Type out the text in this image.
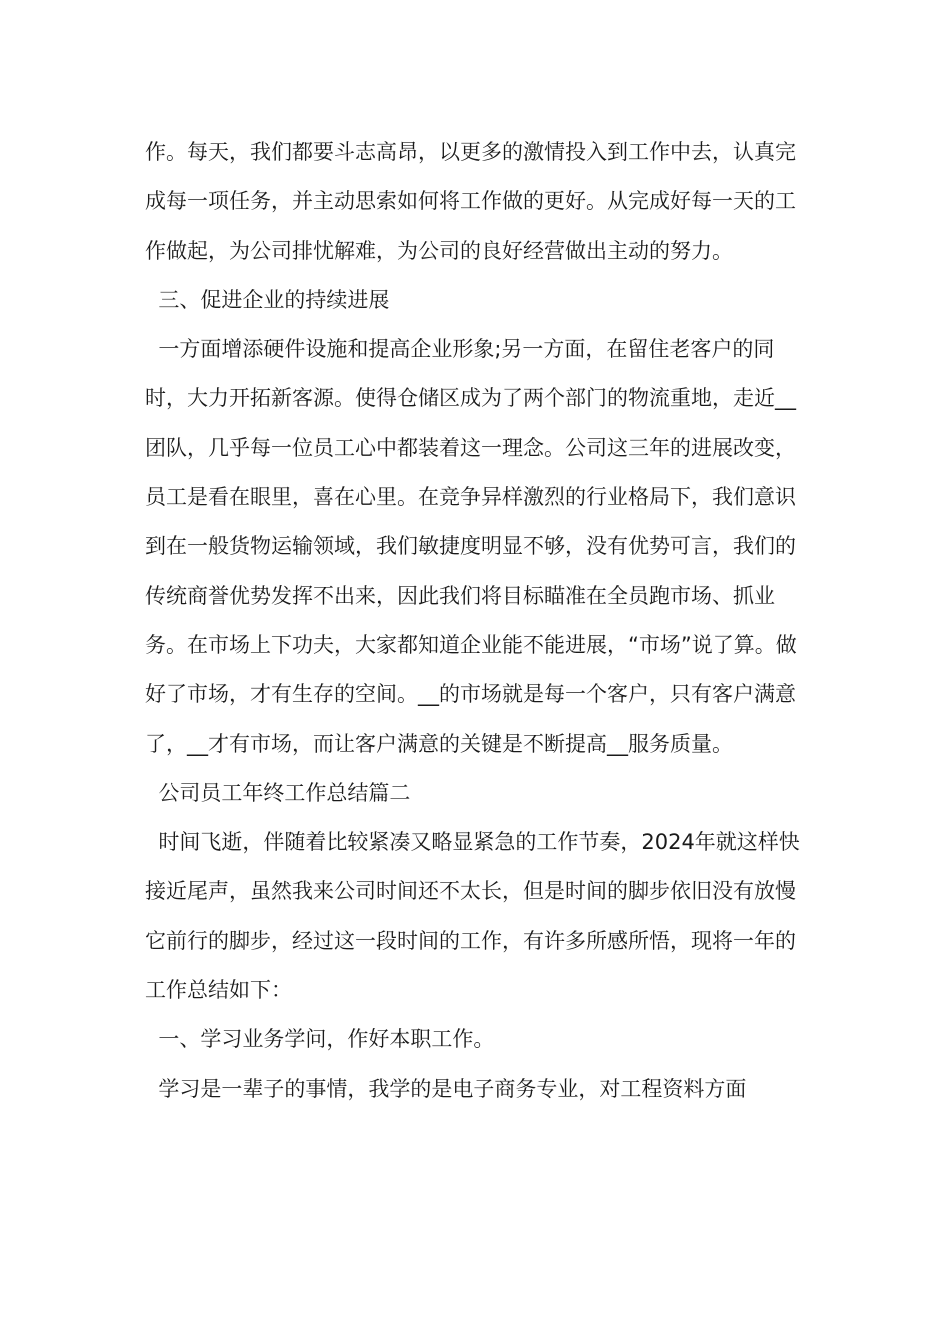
作。每天，我们都要斗志高昂，以更多的激情投入到工作中去，认真完成每一项任务，并主动思索如何将工作做的更好。从完成好每一天的工作做起，为公司排忧解难，为公司的良好经营做出主动的努力。

三、促进企业的持续进展

一方面增添硬件设施和提高企业形象;另一方面，在留住老客户的同时，大力开拓新客源。使得仓储区成为了两个部门的物流重地，走近__团队，几乎每一位员工心中都装着这一理念。公司这三年的进展改变，员工是看在眼里，喜在心里。在竞争异样激烈的行业格局下，我们意识到在一般货物运输领域，我们敏捷度明显不够，没有优势可言，我们的传统商誉优势发挥不出来，因此我们将目标瞄准在全员跑市场、抓业务。在市场上下功夫，大家都知道企业能不能进展，“市场”说了算。做好了市场，才有生存的空间。__的市场就是每一个客户，只有客户满意了，__才有市场，而让客户满意的关键是不断提高__服务质量。

公司员工年终工作总结篇二

时间飞逝，伴随着比较紧凑又略显紧急的工作节奏，2024年就这样快接近尾声，虽然我来公司时间还不太长，但是时间的脚步依旧没有放慢它前行的脚步，经过这一段时间的工作，有许多所感所悟，现将一年的工作总结如下：

一、学习业务学问，作好本职工作。

学习是一辈子的事情，我学的是电子商务专业，对工程资料方面
